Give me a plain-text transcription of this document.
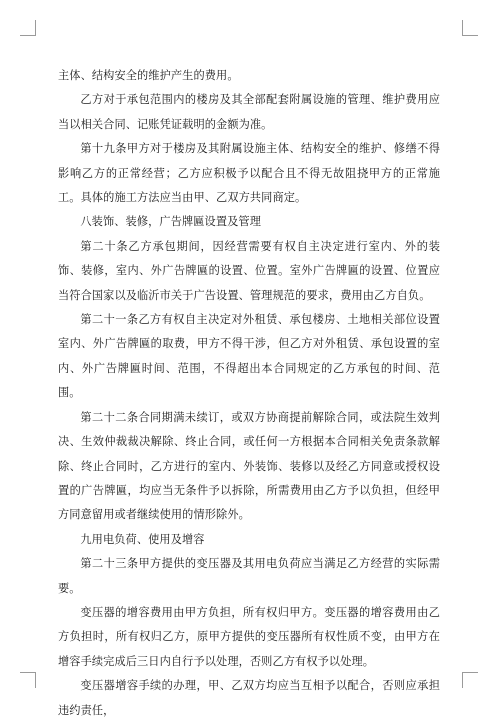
主体、结构安全的维护产生的费用。

乙方对于承包范围内的楼房及其全部配套附属设施的管理、维护费用应当以相关合同、记账凭证载明的金额为准。

第十九条甲方对于楼房及其附属设施主体、结构安全的维护、修缮不得影响乙方的正常经营；乙方应积极予以配合且不得无故阻挠甲方的正常施工。具体的施工方法应当由甲、乙双方共同商定。

八装饰、装修，广告牌匾设置及管理

第二十条乙方承包期间，因经营需要有权自主决定进行室内、外的装饰、装修，室内、外广告牌匾的设置、位置。室外广告牌匾的设置、位置应当符合国家以及临沂市关于广告设置、管理规范的要求，费用由乙方自负。

第二十一条乙方有权自主决定对外租赁、承包楼房、土地相关部位设置室内、外广告牌匾的取费，甲方不得干涉，但乙方对外租赁、承包设置的室内、外广告牌匾时间、范围，不得超出本合同规定的乙方承包的时间、范围。

第二十二条合同期满未续订，或双方协商提前解除合同，或法院生效判决、生效仲裁裁决解除、终止合同，或任何一方根据本合同相关免责条款解除、终止合同时，乙方进行的室内、外装饰、装修以及经乙方同意或授权设置的广告牌匾，均应当无条件予以拆除，所需费用由乙方予以负担，但经甲方同意留用或者继续使用的情形除外。

九用电负荷、使用及增容

第二十三条甲方提供的变压器及其用电负荷应当满足乙方经营的实际需要。

变压器的增容费用由甲方负担，所有权归甲方。变压器的增容费用由乙方负担时，所有权归乙方，原甲方提供的变压器所有权性质不变，由甲方在增容手续完成后三日内自行予以处理，否则乙方有权予以处理。

变压器增容手续的办理，甲、乙双方均应当互相予以配合，否则应承担违约责任，
